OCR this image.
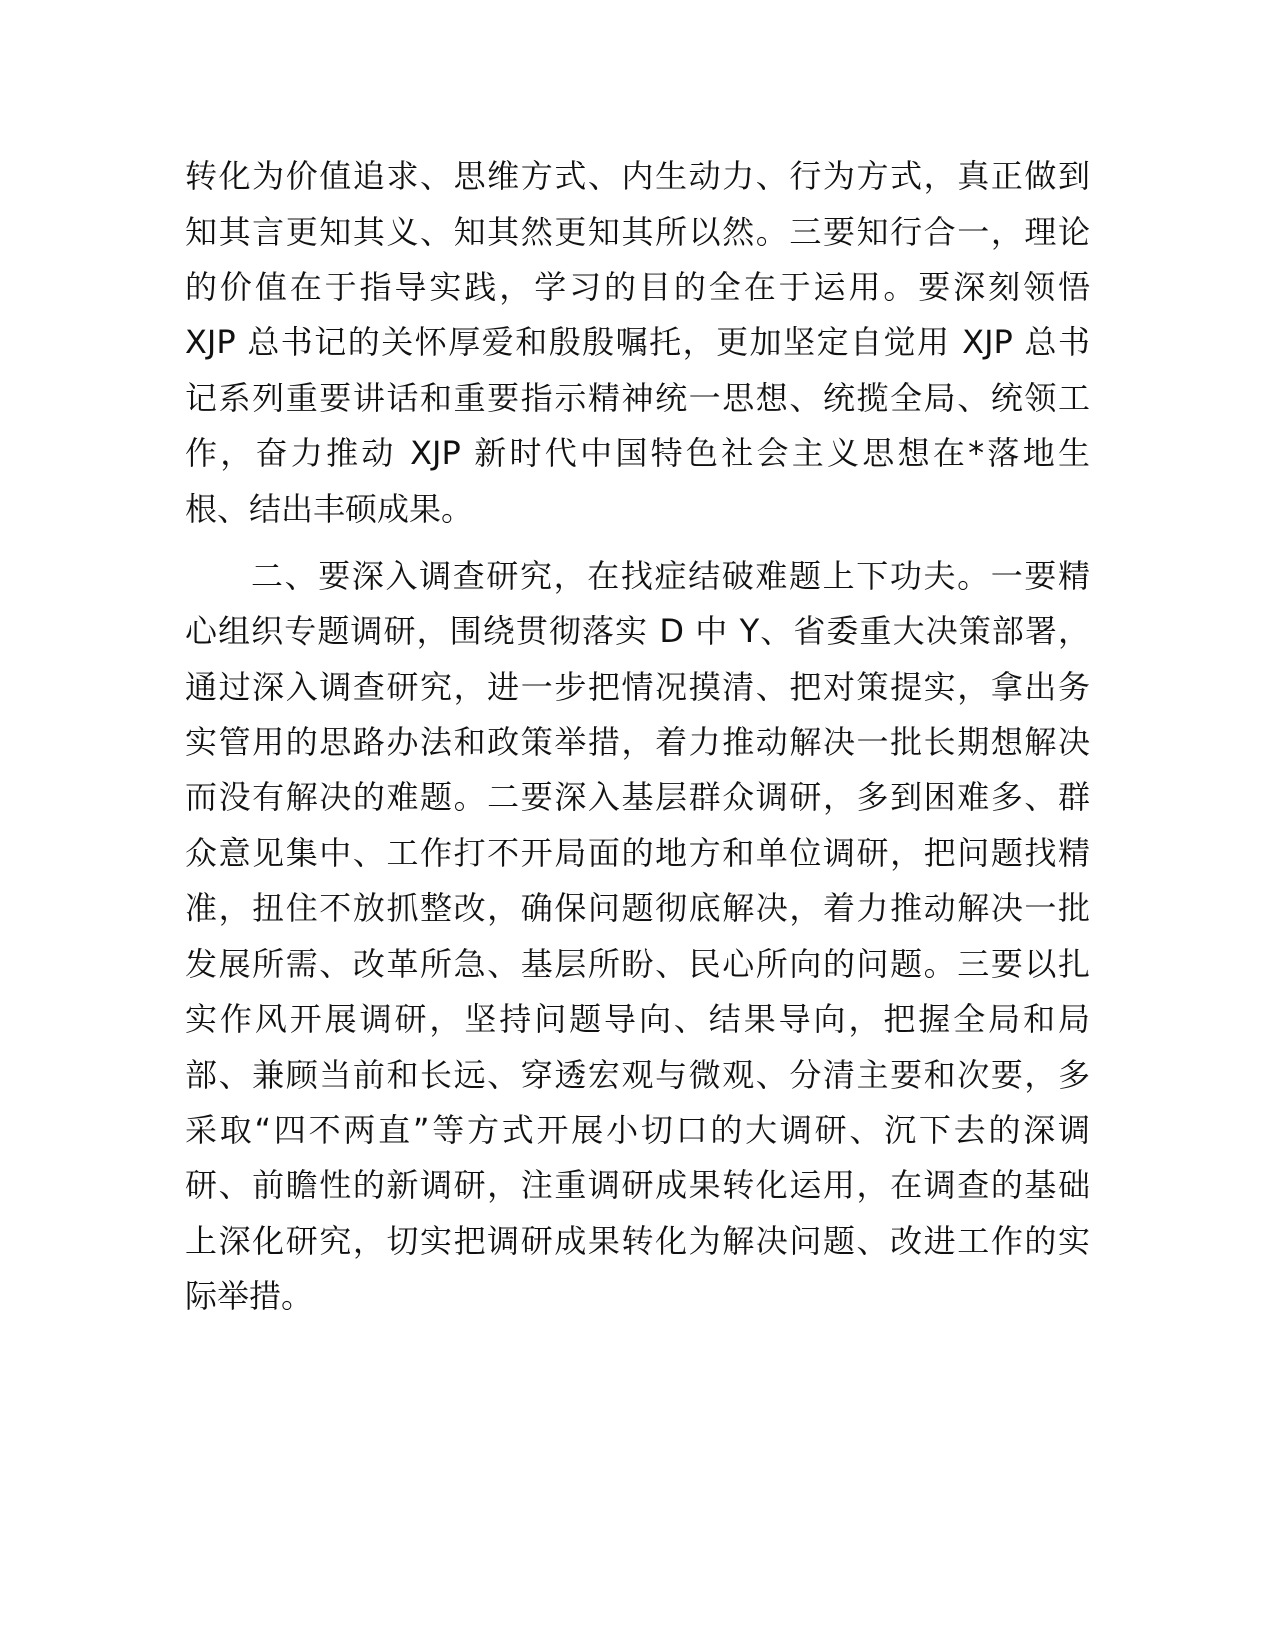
转化为价值追求、思维方式、内生动力、行为方式，真正做到

知其言更知其义、知其然更知其所以然。三要知行合一，理论

的价值在于指导实践，学习的目的全在于运用。要深刻领悟

XJP 总书记的关怀厚爱和殷殷嘱托，更加坚定自觉用 XJP 总书

记系列重要讲话和重要指示精神统一思想、统揽全局、统领工

作，奋力推动 XJP 新时代中国特色社会主义思想在*落地生

根、结出丰硕成果。

二、要深入调查研究，在找症结破难题上下功夫。一要精

心组织专题调研，围绕贯彻落实 D 中 Y、省委重大决策部署，

通过深入调查研究，进一步把情况摸清、把对策提实，拿出务

实管用的思路办法和政策举措，着力推动解决一批长期想解决

而没有解决的难题。二要深入基层群众调研，多到困难多、群

众意见集中、工作打不开局面的地方和单位调研，把问题找精

准，扭住不放抓整改，确保问题彻底解决，着力推动解决一批

发展所需、改革所急、基层所盼、民心所向的问题。三要以扎

实作风开展调研，坚持问题导向、结果导向，把握全局和局

部、兼顾当前和长远、穿透宏观与微观、分清主要和次要，多

采取“四不两直”等方式开展小切口的大调研、沉下去的深调

研、前瞻性的新调研，注重调研成果转化运用，在调查的基础

上深化研究，切实把调研成果转化为解决问题、改进工作的实

际举措。
